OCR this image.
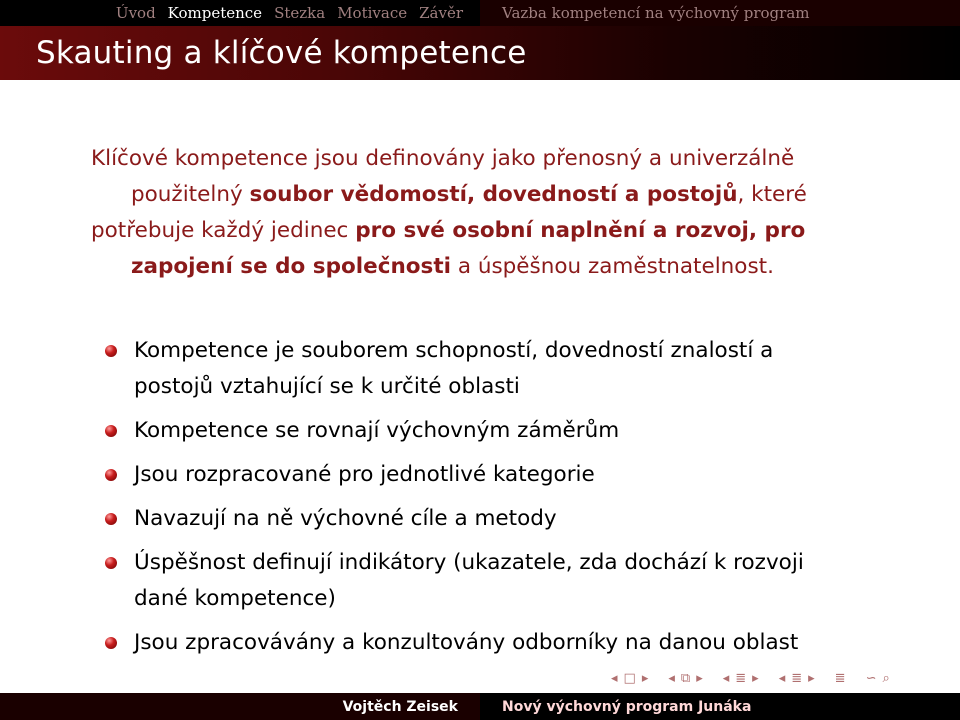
Úvod Kompetence Stezka Motivace Závěr	Vazba kompetencí na výchovný program
Skauting a klíčové kompetence
Klíčové kompetence jsou definovány jako přenosný a univerzálně
použitelný soubor vědomostí, dovedností a postojů, které
potřebuje každý jedinec pro své osobní naplnění a rozvoj, pro
zapojení se do společnosti a úspěšnou zaměstnatelnost.
Kompetence je souborem schopností, dovedností znalostí a
postojů vztahující se k určité oblasti
Kompetence se rovnají výchovným záměrům
Jsou rozpracované pro jednotlivé kategorie
Navazují na ně výchovné cíle a metody
Úspěšnost definují indikátory (ukazatele, zda dochází k rozvoji
dané kompetence)
Jsou zpracovávány a konzultovány odborníky na danou oblast
◂ □ ▸ ◂ ⧉ ▸ ◂ ≣ ▸ ◂ ≣ ▸ ≣ ∽ ⌕
Vojtěch Zeisek	Nový výchovný program Junáka
